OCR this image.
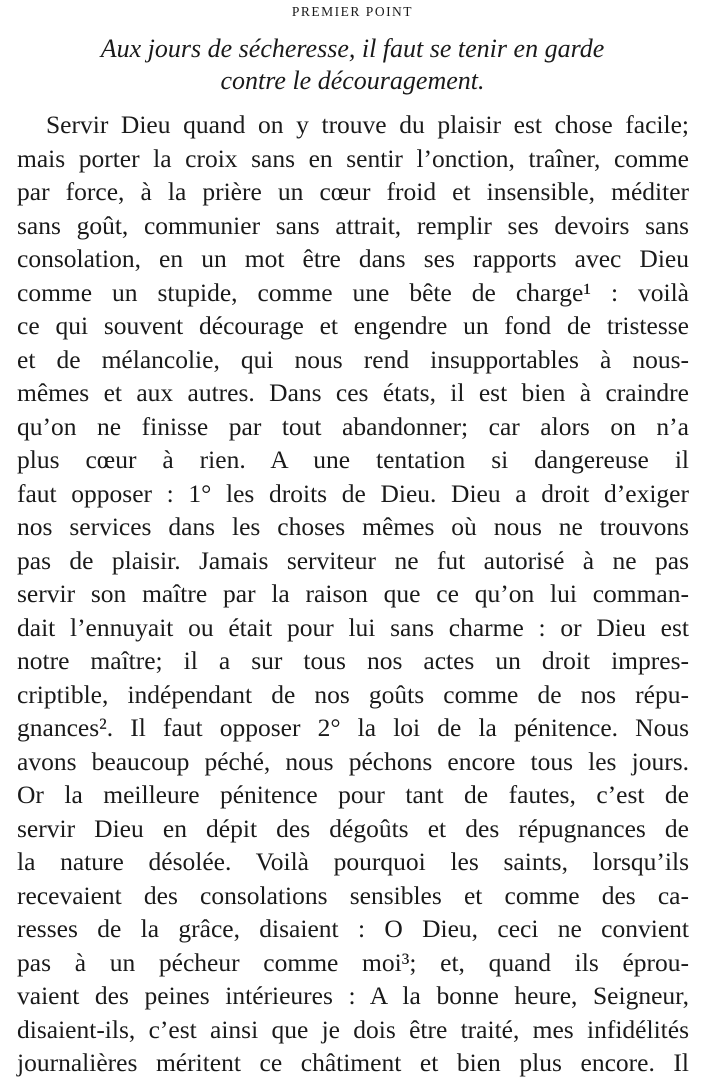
PREMIER POINT
Aux jours de sécheresse, il faut se tenir en garde
contre le découragement.
Servir Dieu quand on y trouve du plaisir est chose facile;
mais porter la croix sans en sentir l’onction, traîner, comme
par force, à la prière un cœur froid et insensible, méditer
sans goût, communier sans attrait, remplir ses devoirs sans
consolation, en un mot être dans ses rapports avec Dieu
comme un stupide, comme une bête de charge¹ : voilà
ce qui souvent décourage et engendre un fond de tristesse
et de mélancolie, qui nous rend insupportables à nous-
mêmes et aux autres. Dans ces états, il est bien à craindre
qu’on ne finisse par tout abandonner; car alors on n’a
plus cœur à rien. A une tentation si dangereuse il
faut opposer : 1° les droits de Dieu. Dieu a droit d’exiger
nos services dans les choses mêmes où nous ne trouvons
pas de plaisir. Jamais serviteur ne fut autorisé à ne pas
servir son maître par la raison que ce qu’on lui comman-
dait l’ennuyait ou était pour lui sans charme : or Dieu est
notre maître; il a sur tous nos actes un droit impres-
criptible, indépendant de nos goûts comme de nos répu-
gnances². Il faut opposer 2° la loi de la pénitence. Nous
avons beaucoup péché, nous péchons encore tous les jours.
Or la meilleure pénitence pour tant de fautes, c’est de
servir Dieu en dépit des dégoûts et des répugnances de
la nature désolée. Voilà pourquoi les saints, lorsqu’ils
recevaient des consolations sensibles et comme des ca-
resses de la grâce, disaient : O Dieu, ceci ne convient
pas à un pécheur comme moi³; et, quand ils éprou-
vaient des peines intérieures : A la bonne heure, Seigneur,
disaient-ils, c’est ainsi que je dois être traité, mes infidélités
journalières méritent ce châtiment et bien plus encore. Il
